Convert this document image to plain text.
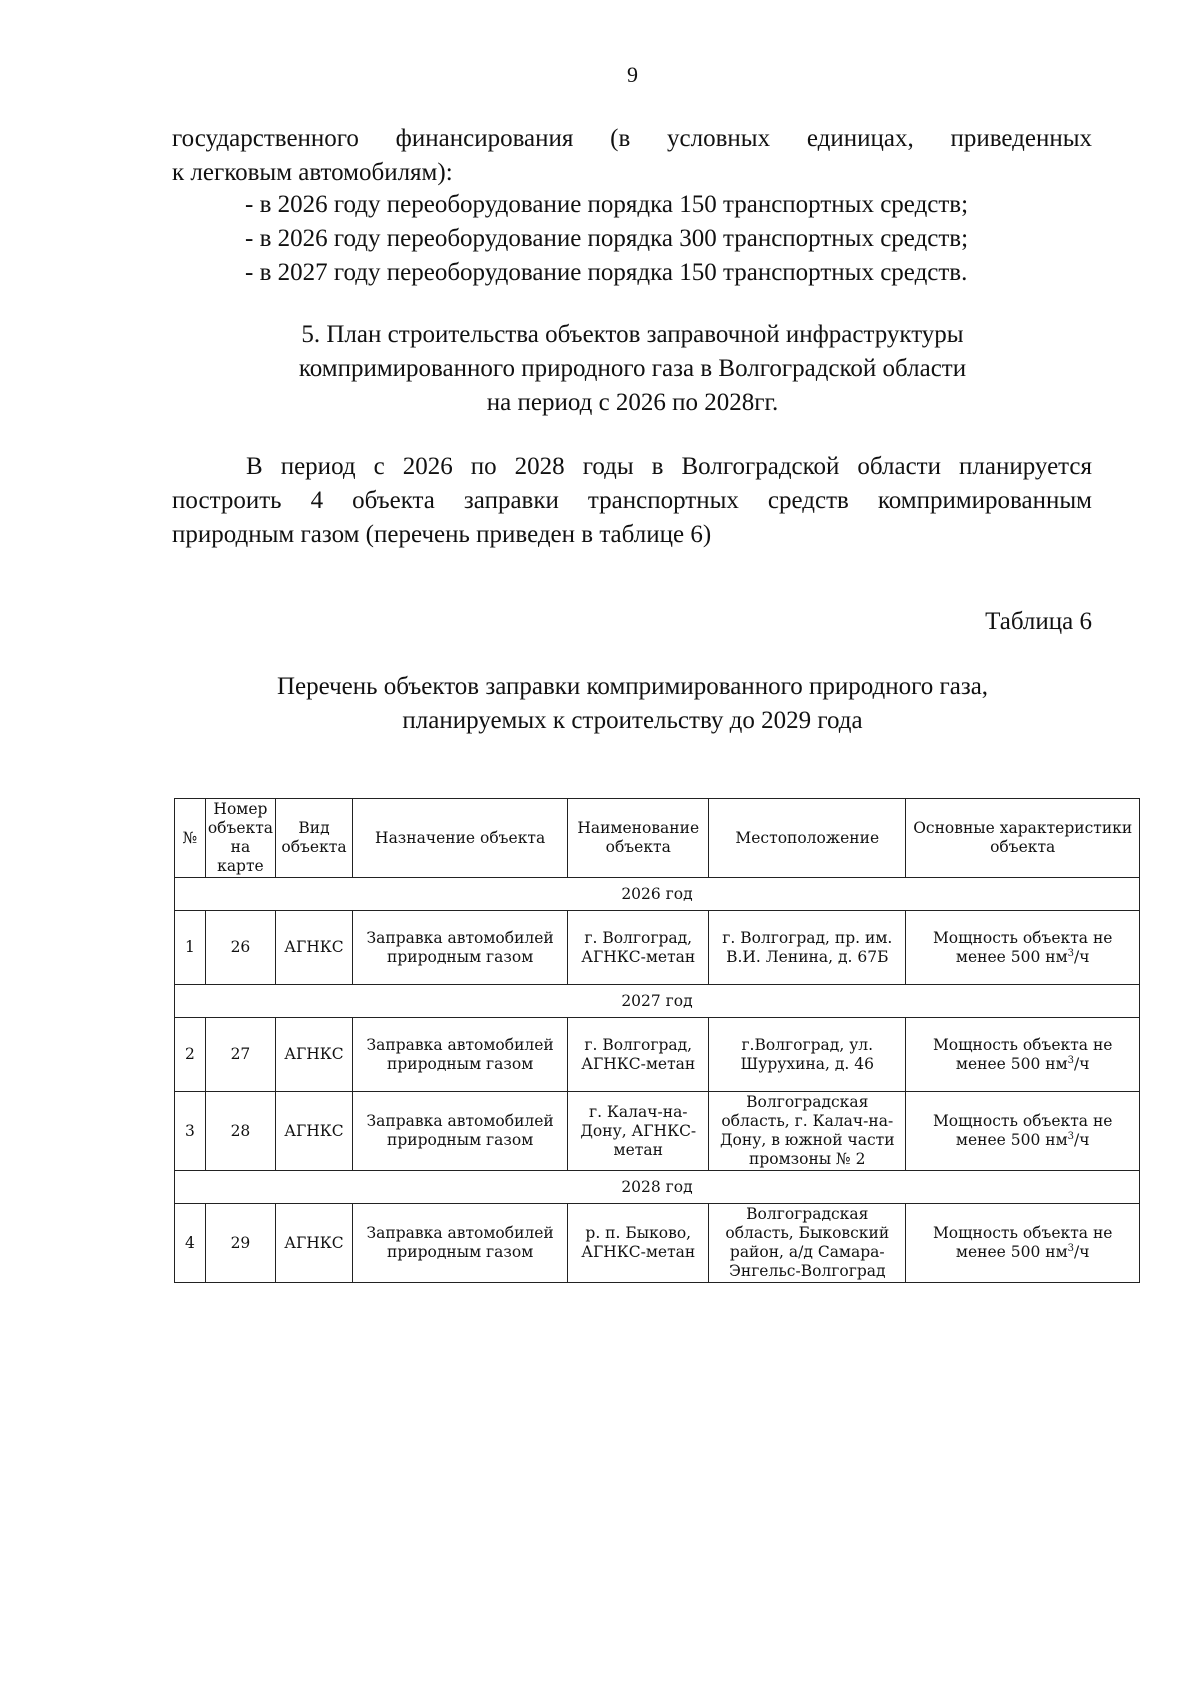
9
государственного финансирования (в условных единицах, приведенных
к легковым автомобилям):
- в 2026 году переоборудование порядка 150 транспортных средств;
- в 2026 году переоборудование порядка 300 транспортных средств;
- в 2027 году переоборудование порядка 150 транспортных средств.
5. План строительства объектов заправочной инфраструктуры
компримированного природного газа в Волгоградской области
на период с 2026 по 2028гг.
В период с 2026 по 2028 годы в Волгоградской области планируется
построить 4 объекта заправки транспортных средств компримированным
природным газом (перечень приведен в таблице 6)
Таблица 6
Перечень объектов заправки компримированного природного газа,
планируемых к строительству до 2029 года
№	Номер объекта на карте	Вид объекта	Назначение объекта	Наименование объекта	Местоположение	Основные характеристики объекта
2026 год						
1	26	АГНКС	Заправка автомобилей природным газом	г. Волгоград, АГНКС-метан	г. Волгоград, пр. им. В.И. Ленина, д. 67Б	Мощность объекта не менее 500 $нм^3/ч$
2027 год						
2	27	АГНКС	Заправка автомобилей природным газом	г. Волгоград, АГНКС-метан	г.Волгоград, ул. Шурухина, д. 46	Мощность объекта не менее 500 $нм^3/ч$
3	28	АГНКС	Заправка автомобилей природным газом	г. Калач-на-Дону, АГНКС-метан	Волгоградская область, г. Калач-на-Дону, в южной части промзоны № 2	Мощность объекта не менее 500 $нм^3/ч$
2028 год						
4	29	АГНКС	Заправка автомобилей природным газом	р. п. Быково, АГНКС-метан	Волгоградская область, Быковский район, а/д Самара-Энгельс-Волгоград	Мощность объекта не менее 500 $нм^3/ч$
